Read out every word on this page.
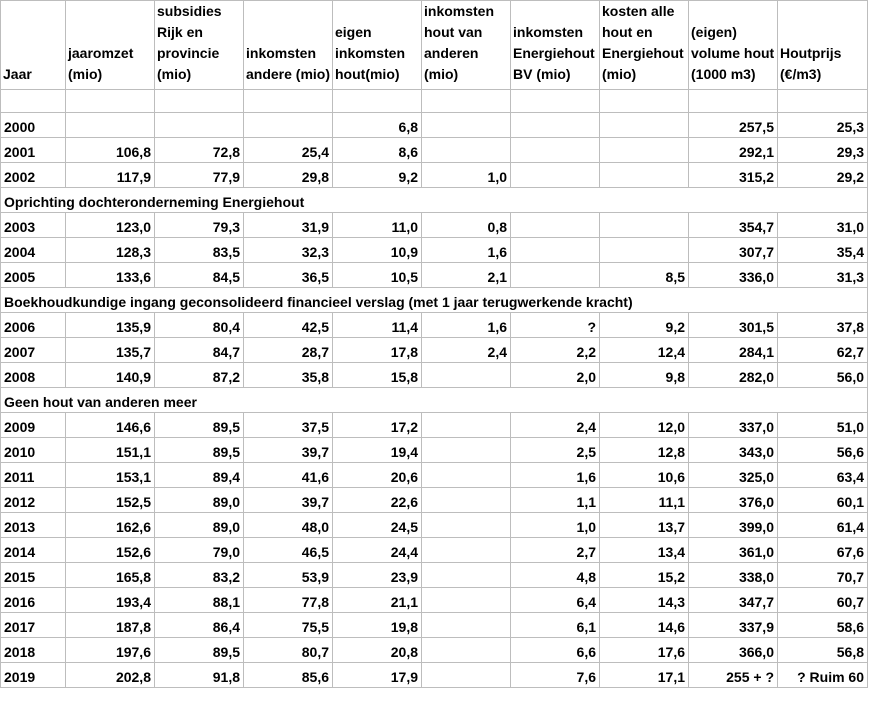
Jaar	jaaromzet (mio)	subsidies Rijk en provincie (mio)	inkomsten andere (mio)	eigen inkomsten hout(mio)	inkomsten hout van anderen (mio)	inkomsten Energiehout BV (mio)	kosten alle hout en Energiehout (mio)	(eigen) volume hout (1000 m3)	Houtprijs (€/m3)

2000				6,8				257,5	25,3
2001	106,8	72,8	25,4	8,6				292,1	29,3
2002	117,9	77,9	29,8	9,2	1,0			315,2	29,2
Oprichting dochteronderneming Energiehout									
2003	123,0	79,3	31,9	11,0	0,8			354,7	31,0
2004	128,3	83,5	32,3	10,9	1,6			307,7	35,4
2005	133,6	84,5	36,5	10,5	2,1		8,5	336,0	31,3
Boekhoudkundige ingang geconsolideerd financieel verslag (met 1 jaar terugwerkende kracht)									
2006	135,9	80,4	42,5	11,4	1,6	?	9,2	301,5	37,8
2007	135,7	84,7	28,7	17,8	2,4	2,2	12,4	284,1	62,7
2008	140,9	87,2	35,8	15,8		2,0	9,8	282,0	56,0
Geen hout van anderen meer									
2009	146,6	89,5	37,5	17,2		2,4	12,0	337,0	51,0
2010	151,1	89,5	39,7	19,4		2,5	12,8	343,0	56,6
2011	153,1	89,4	41,6	20,6		1,6	10,6	325,0	63,4
2012	152,5	89,0	39,7	22,6		1,1	11,1	376,0	60,1
2013	162,6	89,0	48,0	24,5		1,0	13,7	399,0	61,4
2014	152,6	79,0	46,5	24,4		2,7	13,4	361,0	67,6
2015	165,8	83,2	53,9	23,9		4,8	15,2	338,0	70,7
2016	193,4	88,1	77,8	21,1		6,4	14,3	347,7	60,7
2017	187,8	86,4	75,5	19,8		6,1	14,6	337,9	58,6
2018	197,6	89,5	80,7	20,8		6,6	17,6	366,0	56,8
2019	202,8	91,8	85,6	17,9		7,6	17,1	255 + ?	? Ruim 60
